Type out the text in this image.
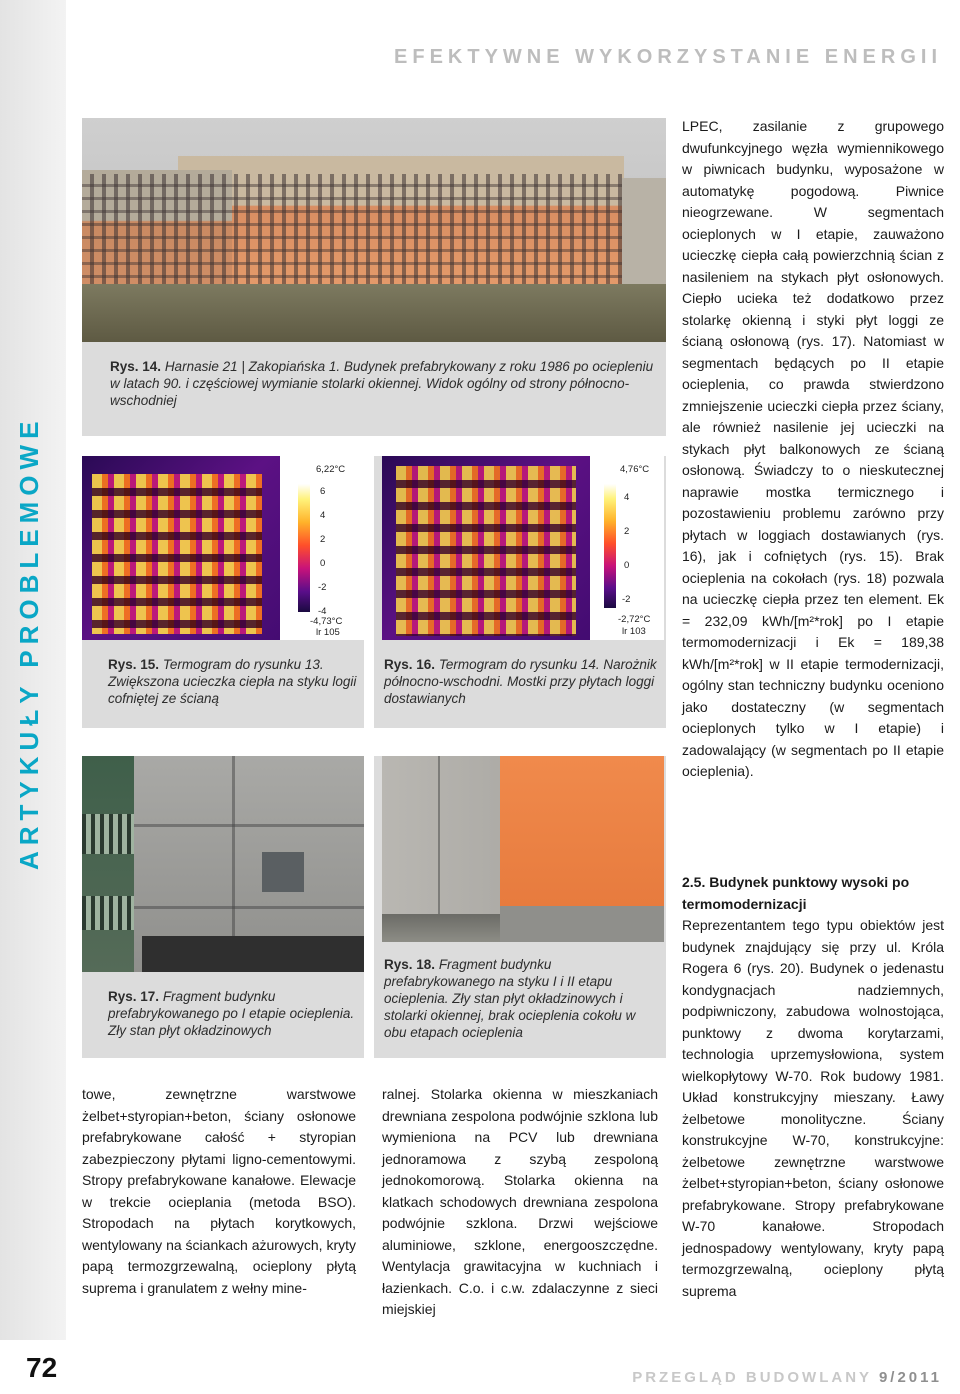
ARTYKUŁY PROBLEMOWE
72
EFEKTYWNE WYKORZYSTANIE ENERGII
Rys. 14. Harnasie 21 | Zakopiańska 1. Budynek prefabrykowany z roku 1986 po ociepleniu w latach 90. i częściowej wymianie stolarki okiennej. Widok ogólny od strony północno-wschodniej
6,22°C
6
4
2
0
-2
-4
-4,73°C
lr 105
Rys. 15. Termogram do rysunku 13. Zwiększona ucieczka ciepła na styku logii cofniętej ze ścianą
4,76°C
4
2
0
-2
-2,72°C
lr 103
Rys. 16. Termogram do rysunku 14. Narożnik północno-wschodni. Mostki przy płytach loggi dostawianych
Rys. 17. Fragment budynku prefabrykowanego po I etapie ocieplenia. Zły stan płyt okładzinowych
Rys. 18. Fragment budynku prefabrykowanego na styku I i II etapu ocieplenia. Zły stan płyt okładzinowych i stolarki okiennej, brak ocieplenia cokołu w obu etapach ocieplenia

towe, zewnętrzne warstwowe żelbet+styropian+beton, ściany osłonowe prefabrykowane całość + styropian zabezpieczony płytami ligno-cementowymi. Stropy prefabrykowane kanałowe. Elewacje w trekcie ocieplania (metoda BSO). Stropodach na płytach korytkowych, wentylowany na ściankach ażurowych, kryty papą termozgrzewalną, ocieplony płytą suprema i granulatem z wełny mine-

ralnej. Stolarka okienna w mieszkaniach drewniana zespolona podwójnie szklona lub wymieniona na PCV lub drewniana jednoramowa z szybą zespoloną jednokomorową. Stolarka okienna na klatkach schodowych drewniana zespolona podwójnie szklona. Drzwi wejściowe aluminiowe, szklone, energooszczędne. Wentylacja grawitacyjna w kuchniach i łazienkach. C.o. i c.w. zdalaczynne z sieci miejskiej

LPEC, zasilanie z grupowego dwufunkcyjnego węzła wymiennikowego w piwnicach budynku, wyposażone w automatykę pogodową. Piwnice nieogrzewane. W segmentach ocieplonych w I etapie, zauważono ucieczkę ciepła całą powierzchnią ścian z nasileniem na stykach płyt osłonowych. Ciepło ucieka też dodatkowo przez stolarkę okienną i styki płyt loggi ze ścianą osłonową (rys. 17). Natomiast w segmentach będących po II etapie ocieplenia, co prawda stwierdzono zmniejszenie ucieczki ciepła przez ściany, ale również nasilenie jej ucieczki na stykach płyt balkonowych ze ścianą osłonową. Świadczy to o nieskutecznej naprawie mostka termicznego i pozostawieniu problemu zarówno przy płytach w loggiach dostawianych (rys. 16), jak i cofniętych (rys. 15). Brak ocieplenia na cokołach (rys. 18) pozwala na ucieczkę ciepła przez ten element. Ek = 232,09 kWh/[m²*rok] po I etapie termomodernizacji i Ek = 189,38 kWh/[m²*rok] w II etapie termodernizacji, ogólny stan techniczny budynku oceniono jako dostateczny (w segmentach ocieplonych tylko w I etapie) i zadowalający (w segmentach po II etapie ocieplenia).

2.5. Budynek punktowy wysoki po termomodernizacji

Reprezentantem tego typu obiektów jest budynek znajdujący się przy ul. Króla Rogera 6 (rys. 20). Budynek o jedenastu kondygnacjach nadziemnych, podpiwniczony, zabudowa wolnostojąca, punktowy z dwoma korytarzami, technologia uprzemysłowiona, system wielkopłytowy W-70. Rok budowy 1981. Układ konstrukcyjny mieszany. Ławy żelbetowe monolityczne. Ściany konstrukcyjne W-70, konstrukcyjne: żelbetowe zewnętrzne warstwowe żelbet+styropian+beton, ściany osłonowe prefabrykowane. Stropy prefabrykowane W-70 kanałowe. Stropodach jednospadowy wentylowany, kryty papą termozgrzewalną, ocieplony płytą suprema

PRZEGLĄD BUDOWLANY 9/2011
